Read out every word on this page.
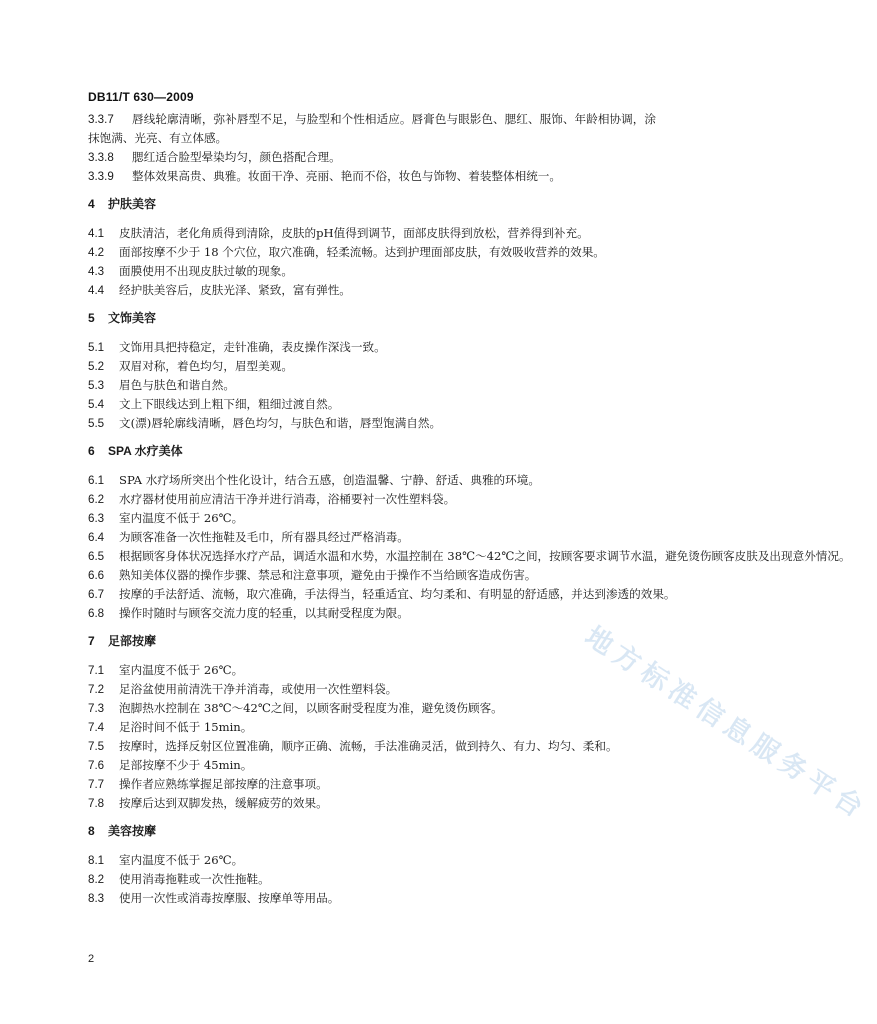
DB11/T 630—2009

3.3.7 唇线轮廓清晰，弥补唇型不足，与脸型和个性相适应。唇膏色与眼影色、腮红、服饰、年龄相协调，涂抹饱满、光亮、有立体感。

3.3.8 腮红适合脸型晕染均匀，颜色搭配合理。

3.3.9 整体效果高贵、典雅。妆面干净、亮丽、艳而不俗，妆色与饰物、着装整体相统一。

4 护肤美容

4.1 皮肤清洁，老化角质得到清除，皮肤的pH值得到调节，面部皮肤得到放松，营养得到补充。

4.2 面部按摩不少于 18 个穴位，取穴准确，轻柔流畅。达到护理面部皮肤，有效吸收营养的效果。

4.3 面膜使用不出现皮肤过敏的现象。

4.4 经护肤美容后，皮肤光泽、紧致，富有弹性。

5 文饰美容

5.1 文饰用具把持稳定，走针准确，表皮操作深浅一致。

5.2 双眉对称，着色均匀，眉型美观。

5.3 眉色与肤色和谐自然。

5.4 文上下眼线达到上粗下细，粗细过渡自然。

5.5 文(漂)唇轮廓线清晰，唇色均匀，与肤色和谐，唇型饱满自然。

6 SPA 水疗美体

6.1 SPA 水疗场所突出个性化设计，结合五感，创造温馨、宁静、舒适、典雅的环境。

6.2 水疗器材使用前应清洁干净并进行消毒，浴桶要衬一次性塑料袋。

6.3 室内温度不低于 26℃。

6.4 为顾客准备一次性拖鞋及毛巾，所有器具经过严格消毒。

6.5 根据顾客身体状况选择水疗产品，调适水温和水势，水温控制在 38℃～42℃之间，按顾客要求调节水温，避免烫伤顾客皮肤及出现意外情况。

6.6 熟知美体仪器的操作步骤、禁忌和注意事项，避免由于操作不当给顾客造成伤害。

6.7 按摩的手法舒适、流畅，取穴准确，手法得当，轻重适宜、均匀柔和、有明显的舒适感，并达到渗透的效果。

6.8 操作时随时与顾客交流力度的轻重，以其耐受程度为限。

7 足部按摩

7.1 室内温度不低于 26℃。

7.2 足浴盆使用前清洗干净并消毒，或使用一次性塑料袋。

7.3 泡脚热水控制在 38℃～42℃之间，以顾客耐受程度为准，避免烫伤顾客。

7.4 足浴时间不低于 15min。

7.5 按摩时，选择反射区位置准确，顺序正确、流畅，手法准确灵活，做到持久、有力、均匀、柔和。

7.6 足部按摩不少于 45min。

7.7 操作者应熟练掌握足部按摩的注意事项。

7.8 按摩后达到双脚发热，缓解疲劳的效果。

8 美容按摩

8.1 室内温度不低于 26℃。

8.2 使用消毒拖鞋或一次性拖鞋。

8.3 使用一次性或消毒按摩服、按摩单等用品。

2
地方标准信息服务平台
